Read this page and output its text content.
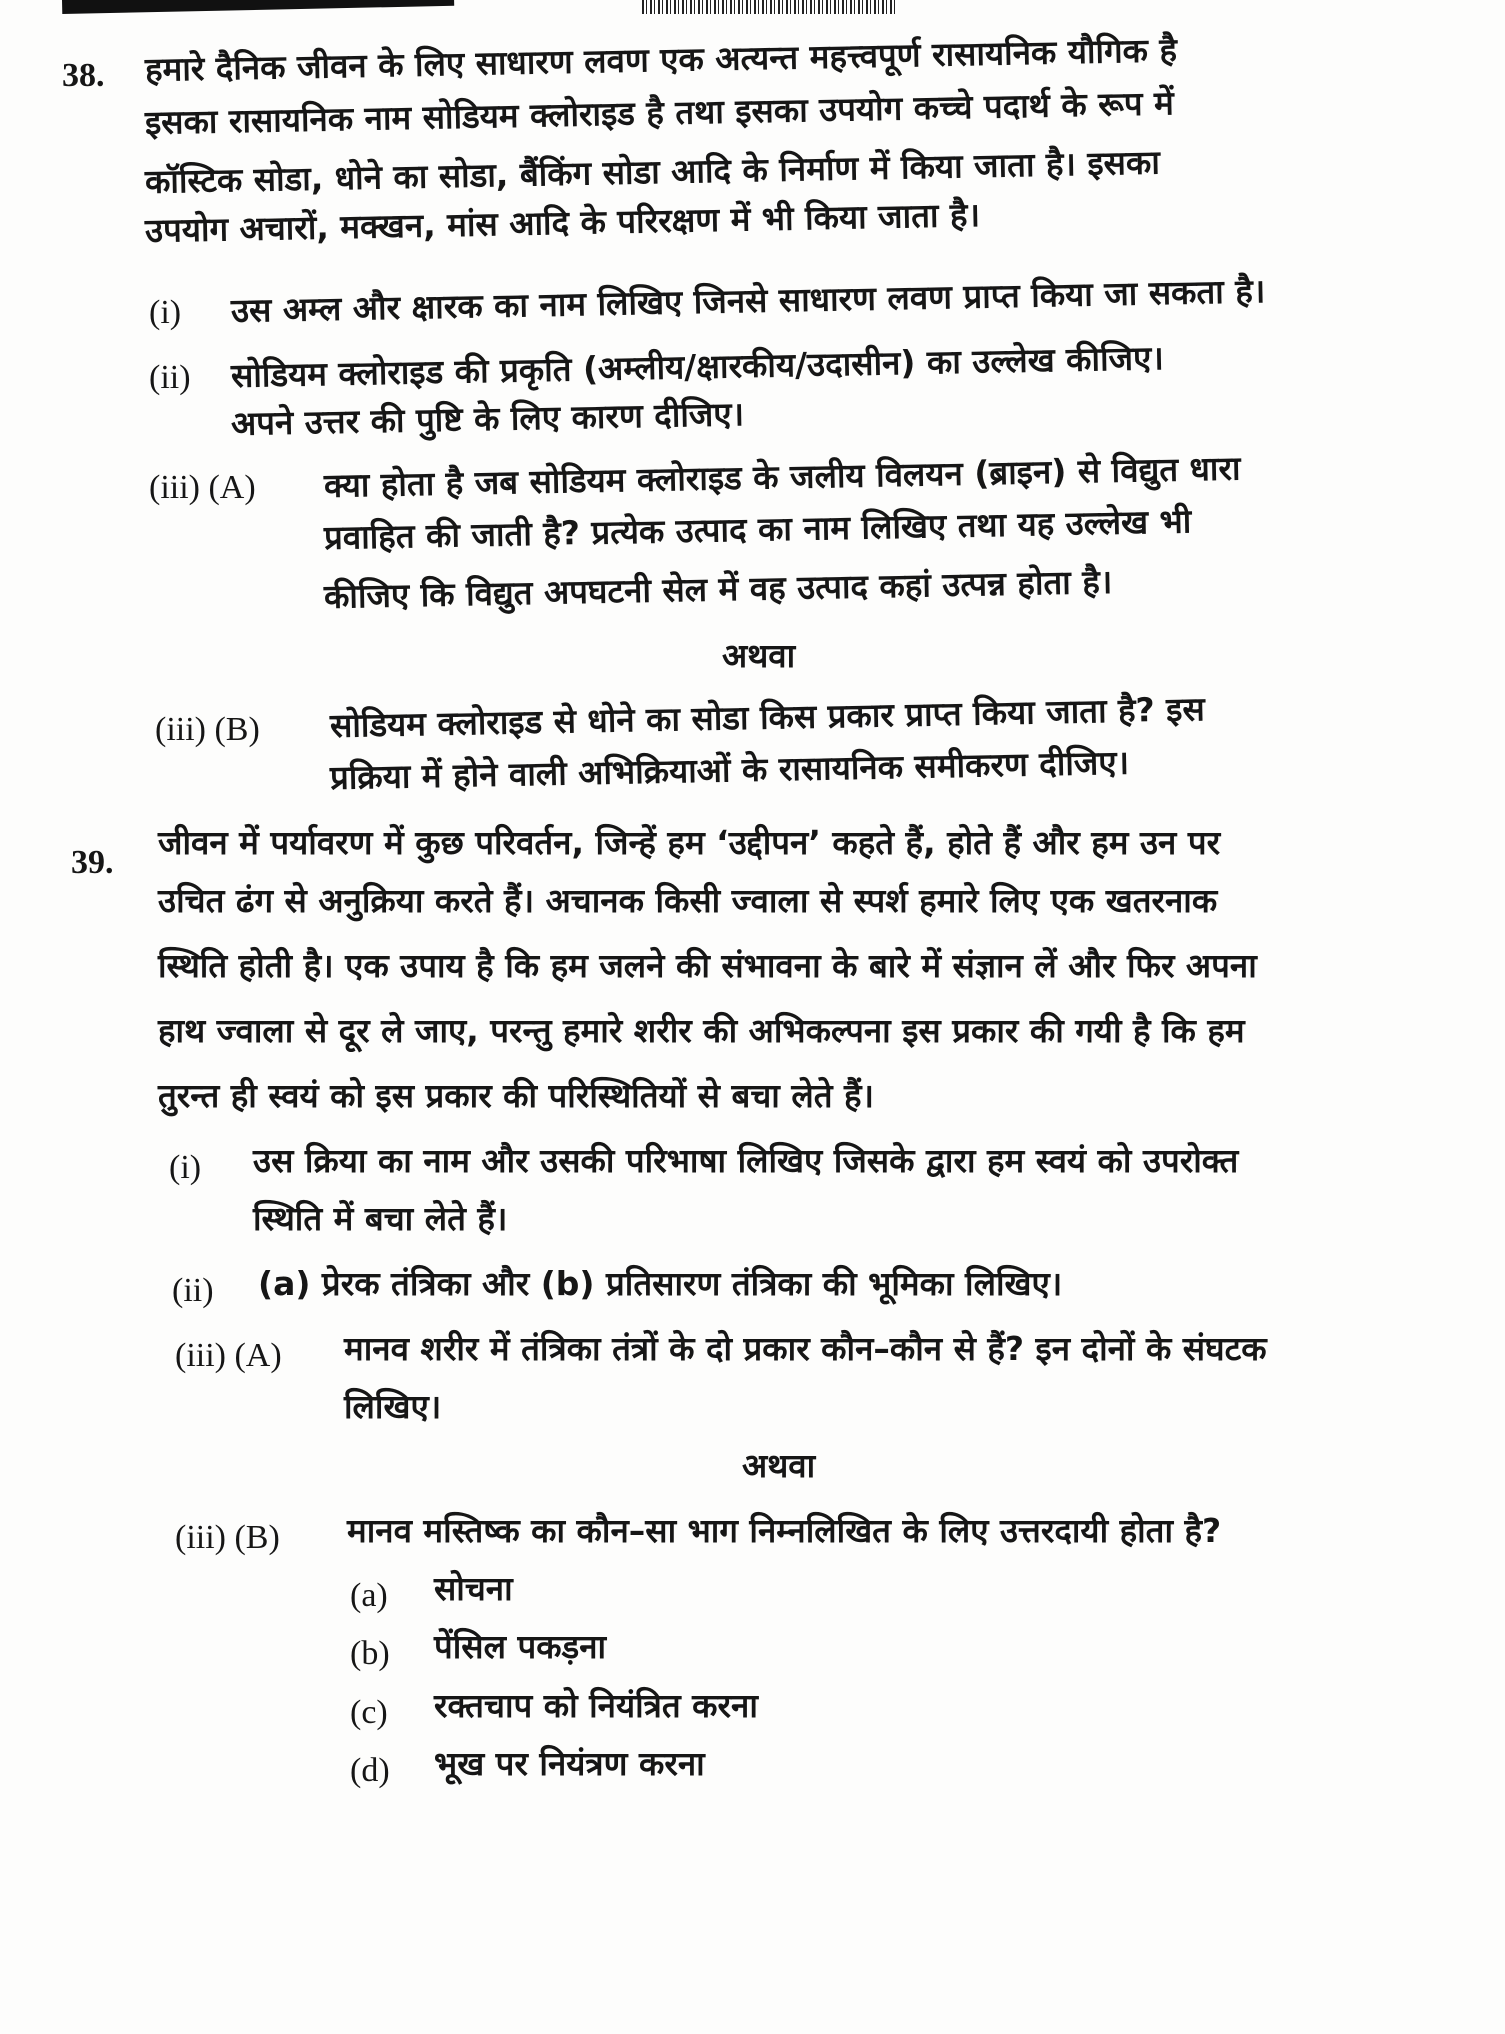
38. हमारे दैनिक जीवन के लिए साधारण लवण एक अत्यन्त महत्त्वपूर्ण रासायनिक यौगिक है
इसका रासायनिक नाम सोडियम क्लोराइड है तथा इसका उपयोग कच्चे पदार्थ के रूप में
कॉस्टिक सोडा, धोने का सोडा, बैंकिंग सोडा आदि के निर्माण में किया जाता है। इसका
उपयोग अचारों, मक्खन, मांस आदि के परिरक्षण में भी किया जाता है।
(i) उस अम्ल और क्षारक का नाम लिखिए जिनसे साधारण लवण प्राप्त किया जा सकता है।
(ii) सोडियम क्लोराइड की प्रकृति (अम्लीय/क्षारकीय/उदासीन) का उल्लेख कीजिए।
अपने उत्तर की पुष्टि के लिए कारण दीजिए।
(iii) (A) क्या होता है जब सोडियम क्लोराइड के जलीय विलयन (ब्राइन) से विद्युत धारा
प्रवाहित की जाती है? प्रत्येक उत्पाद का नाम लिखिए तथा यह उल्लेख भी
कीजिए कि विद्युत अपघटनी सेल में वह उत्पाद कहां उत्पन्न होता है।
अथवा
(iii) (B) सोडियम क्लोराइड से धोने का सोडा किस प्रकार प्राप्त किया जाता है? इस
प्रक्रिया में होने वाली अभिक्रियाओं के रासायनिक समीकरण दीजिए।
39.
जीवन में पर्यावरण में कुछ परिवर्तन, जिन्हें हम ‘उद्दीपन’ कहते हैं, होते हैं और हम उन पर
उचित ढंग से अनुक्रिया करते हैं। अचानक किसी ज्वाला से स्पर्श हमारे लिए एक खतरनाक
स्थिति होती है। एक उपाय है कि हम जलने की संभावना के बारे में संज्ञान लें और फिर अपना
हाथ ज्वाला से दूर ले जाए, परन्तु हमारे शरीर की अभिकल्पना इस प्रकार की गयी है कि हम
तुरन्त ही स्वयं को इस प्रकार की परिस्थितियों से बचा लेते हैं।
(i) उस क्रिया का नाम और उसकी परिभाषा लिखिए जिसके द्वारा हम स्वयं को उपरोक्त
स्थिति में बचा लेते हैं।
(ii) (a) प्रेरक तंत्रिका और (b) प्रतिसारण तंत्रिका की भूमिका लिखिए।
(iii) (A) मानव शरीर में तंत्रिका तंत्रों के दो प्रकार कौन–कौन से हैं? इन दोनों के संघटक
लिखिए।
अथवा
(iii) (B) मानव मस्तिष्क का कौन–सा भाग निम्नलिखित के लिए उत्तरदायी होता है?
(a) सोचना
(b) पेंसिल पकड़ना
(c) रक्तचाप को नियंत्रित करना
(d) भूख पर नियंत्रण करना
